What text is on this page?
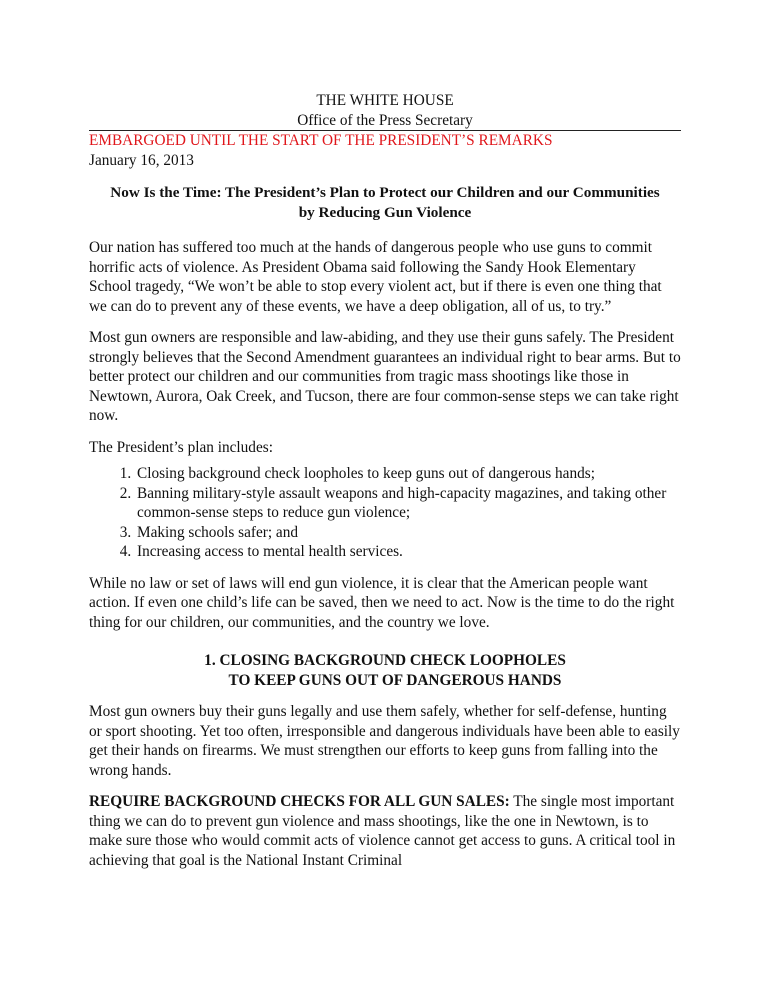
THE WHITE HOUSE
Office of the Press Secretary
EMBARGOED UNTIL THE START OF THE PRESIDENT’S REMARKS
January 16, 2013
Now Is the Time: The President’s Plan to Protect our Children and our Communities
by Reducing Gun Violence

Our nation has suffered too much at the hands of dangerous people who use guns to commit horrific acts of violence. As President Obama said following the Sandy Hook Elementary School tragedy, “We won’t be able to stop every violent act, but if there is even one thing that we can do to prevent any of these events, we have a deep obligation, all of us, to try.”

Most gun owners are responsible and law-abiding, and they use their guns safely. The President strongly believes that the Second Amendment guarantees an individual right to bear arms. But to better protect our children and our communities from tragic mass shootings like those in Newtown, Aurora, Oak Creek, and Tucson, there are four common-sense steps we can take right now.

The President’s plan includes:

1. Closing background check loopholes to keep guns out of dangerous hands;
2. Banning military-style assault weapons and high-capacity magazines, and taking other common-sense steps to reduce gun violence;
3. Making schools safer; and
4. Increasing access to mental health services.

While no law or set of laws will end gun violence, it is clear that the American people want action. If even one child’s life can be saved, then we need to act. Now is the time to do the right thing for our children, our communities, and the country we love.

1. CLOSING BACKGROUND CHECK LOOPHOLES
TO KEEP GUNS OUT OF DANGEROUS HANDS

Most gun owners buy their guns legally and use them safely, whether for self-defense, hunting or sport shooting. Yet too often, irresponsible and dangerous individuals have been able to easily get their hands on firearms. We must strengthen our efforts to keep guns from falling into the wrong hands.

REQUIRE BACKGROUND CHECKS FOR ALL GUN SALES: The single most important thing we can do to prevent gun violence and mass shootings, like the one in Newtown, is to make sure those who would commit acts of violence cannot get access to guns. A critical tool in achieving that goal is the National Instant Criminal
